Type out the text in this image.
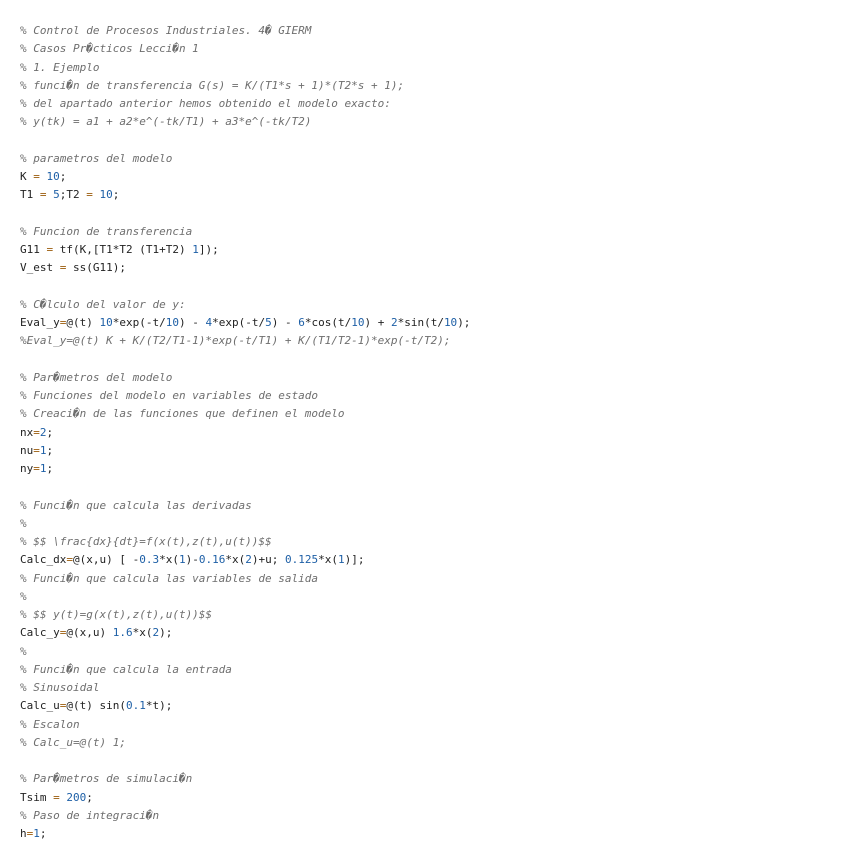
% Control de Procesos Industriales. 4� GIERM
% Casos Pr�cticos Lecci�n 1
% 1. Ejemplo
% funci�n de transferencia G(s) = K/(T1*s + 1)*(T2*s + 1);
% del apartado anterior hemos obtenido el modelo exacto:
% y(tk) = a1 + a2*e^(-tk/T1) + a3*e^(-tk/T2)
% parametros del modelo
K = 10;
T1 = 5;T2 = 10;
% Funcion de transferencia
G11 = tf(K,[T1*T2 (T1+T2) 1]);
V_est = ss(G11);
% C�lculo del valor de y:
Eval_y=@(t) 10*exp(-t/10) - 4*exp(-t/5) - 6*cos(t/10) + 2*sin(t/10);
%Eval_y=@(t) K + K/(T2/T1-1)*exp(-t/T1) + K/(T1/T2-1)*exp(-t/T2);
% Par�metros del modelo
% Funciones del modelo en variables de estado
% Creaci�n de las funciones que definen el modelo
nx=2;
nu=1;
ny=1;
% Funci�n que calcula las derivadas
%
% $$ \frac{dx}{dt}=f(x(t),z(t),u(t))$$
Calc_dx=@(x,u) [ -0.3*x(1)-0.16*x(2)+u; 0.125*x(1)];
% Funci�n que calcula las variables de salida
%
% $$ y(t)=g(x(t),z(t),u(t))$$
Calc_y=@(x,u) 1.6*x(2);
%
% Funci�n que calcula la entrada
% Sinusoidal
Calc_u=@(t) sin(0.1*t);
% Escalon
% Calc_u=@(t) 1;
% Par�metros de simulaci�n
Tsim = 200;
% Paso de integraci�n
h=1;
